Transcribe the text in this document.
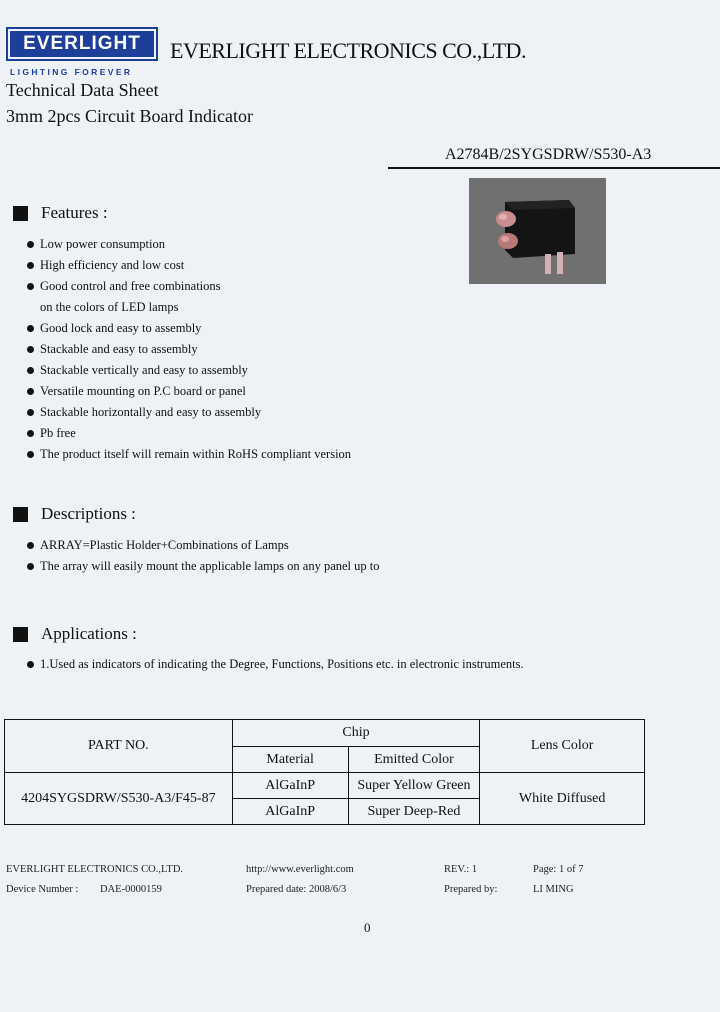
EVERLIGHT
LIGHTING FOREVER
EVERLIGHT ELECTRONICS CO.,LTD.
Technical Data Sheet
3mm 2pcs Circuit Board Indicator
A2784B/2SYGSDRW/S530-A3
Features :
Low power consumption
High efficiency and low cost
Good control and free combinations
on the colors of LED lamps
Good lock and easy to assembly
Stackable and easy to assembly
Stackable vertically and easy to assembly
Versatile mounting on P.C board or panel
Stackable horizontally and easy to assembly
Pb free
The product itself will remain within RoHS compliant version
Descriptions :
ARRAY=Plastic Holder+Combinations of Lamps
The array will easily mount the applicable lamps on any panel up to
Applications :
1.Used as indicators of indicating the Degree, Functions, Positions etc. in electronic instruments.
PART NO.	Chip		Lens Color
	Material	Emitted Color	
4204SYGSDRW/S530-A3/F45-87	AlGaInP	Super Yellow Green	White Diffused
	AlGaInP	Super Deep-Red	
EVERLIGHT ELECTRONICS CO.,LTD.	http://www.everlight.com	REV.: 1	Page: 1 of 7
Device Number : DAE-0000159	Prepared date: 2008/6/3	Prepared by:	LI MING
0
